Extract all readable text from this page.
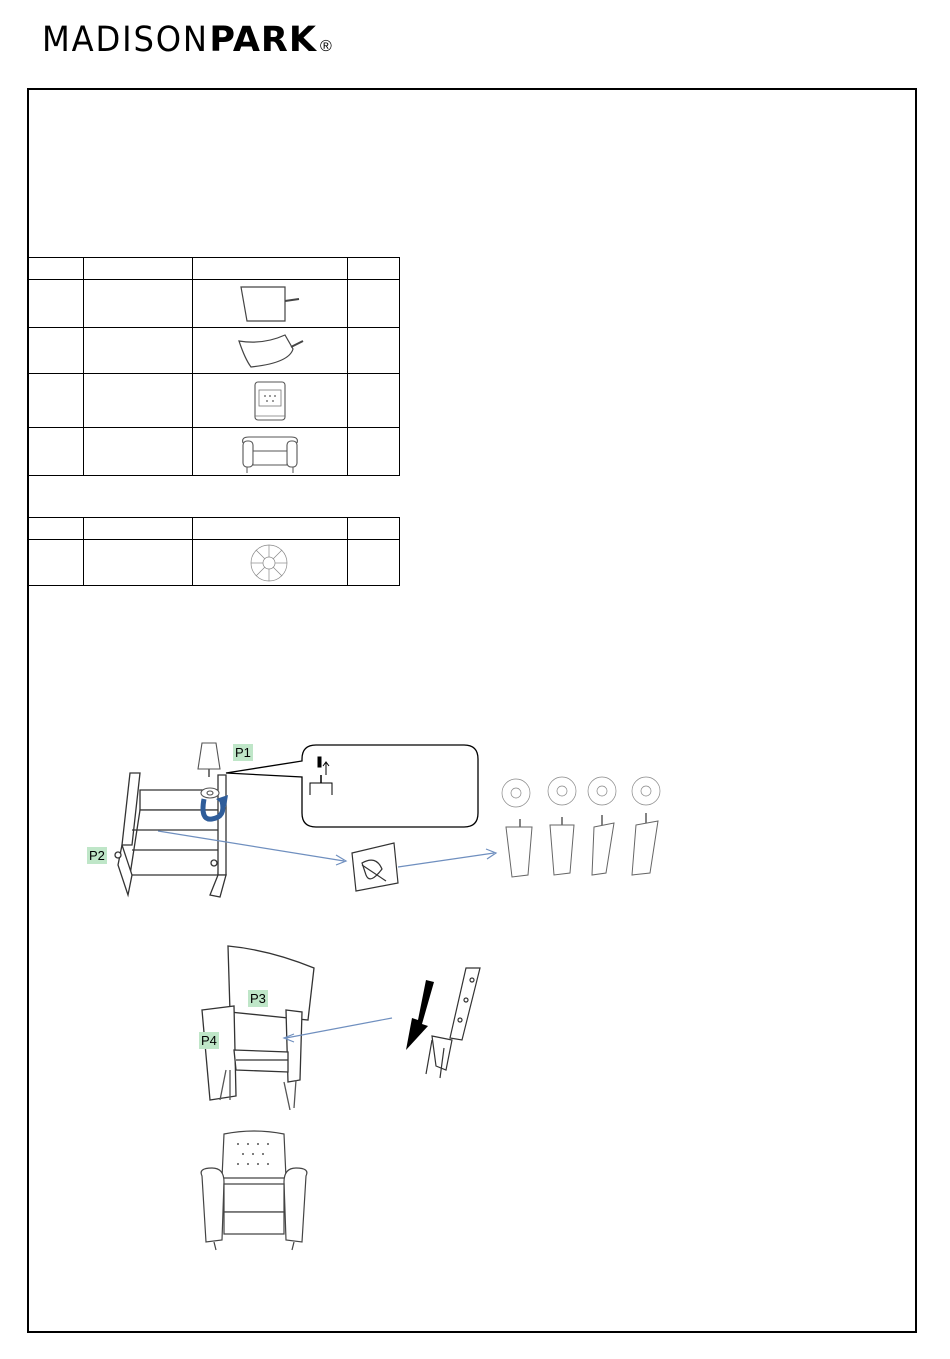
MADISON PARK ®

P1
P2
P3
P4
